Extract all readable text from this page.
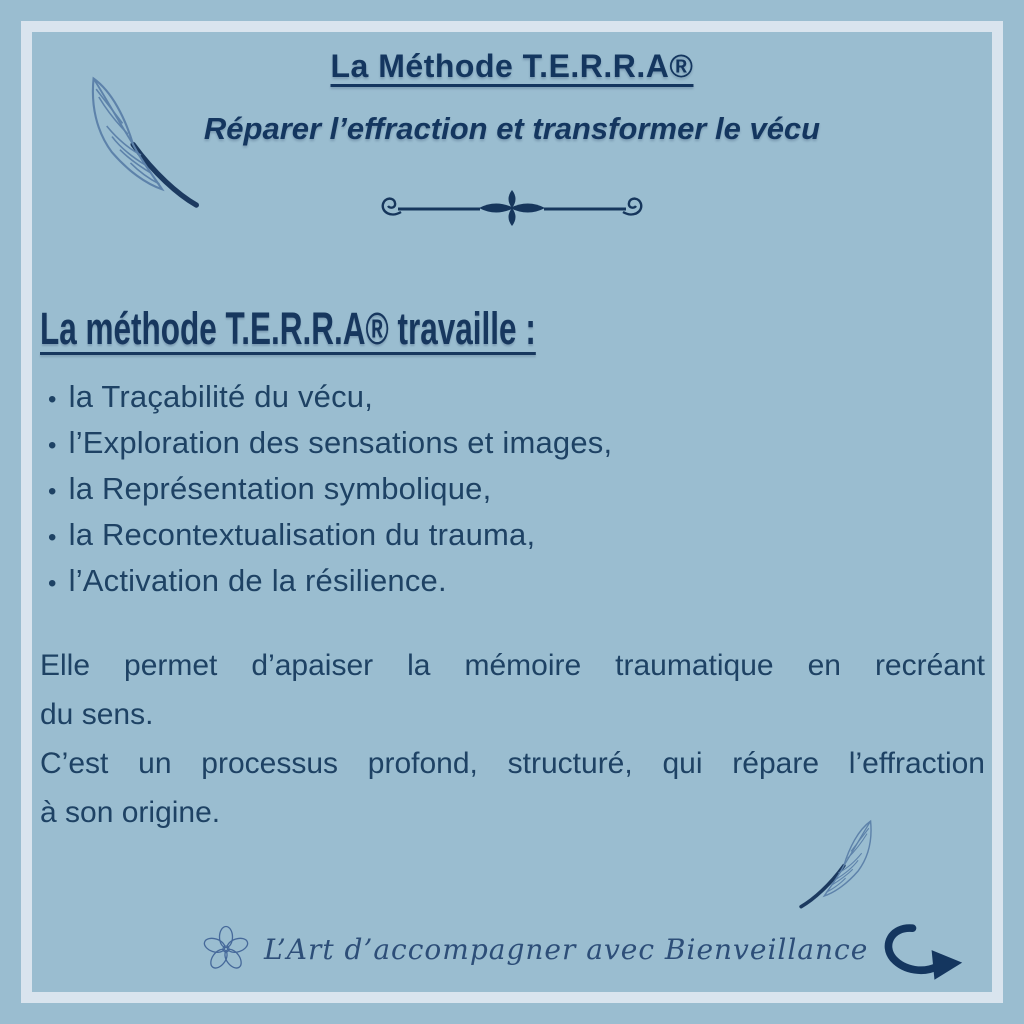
La Méthode T.E.R.R.A®
Réparer l’effraction et transformer le vécu
La méthode T.E.R.R.A® travaille :
• la Traçabilité du vécu,
• l’Exploration des sensations et images,
• la Représentation symbolique,
• la Recontextualisation du trauma,
• l’Activation de la résilience.
Elle permet d’apaiser la mémoire traumatique en recréant
du sens.
C’est un processus profond, structuré, qui répare l’effraction
à son origine.
L’Art d’accompagner avec Bienveillance
